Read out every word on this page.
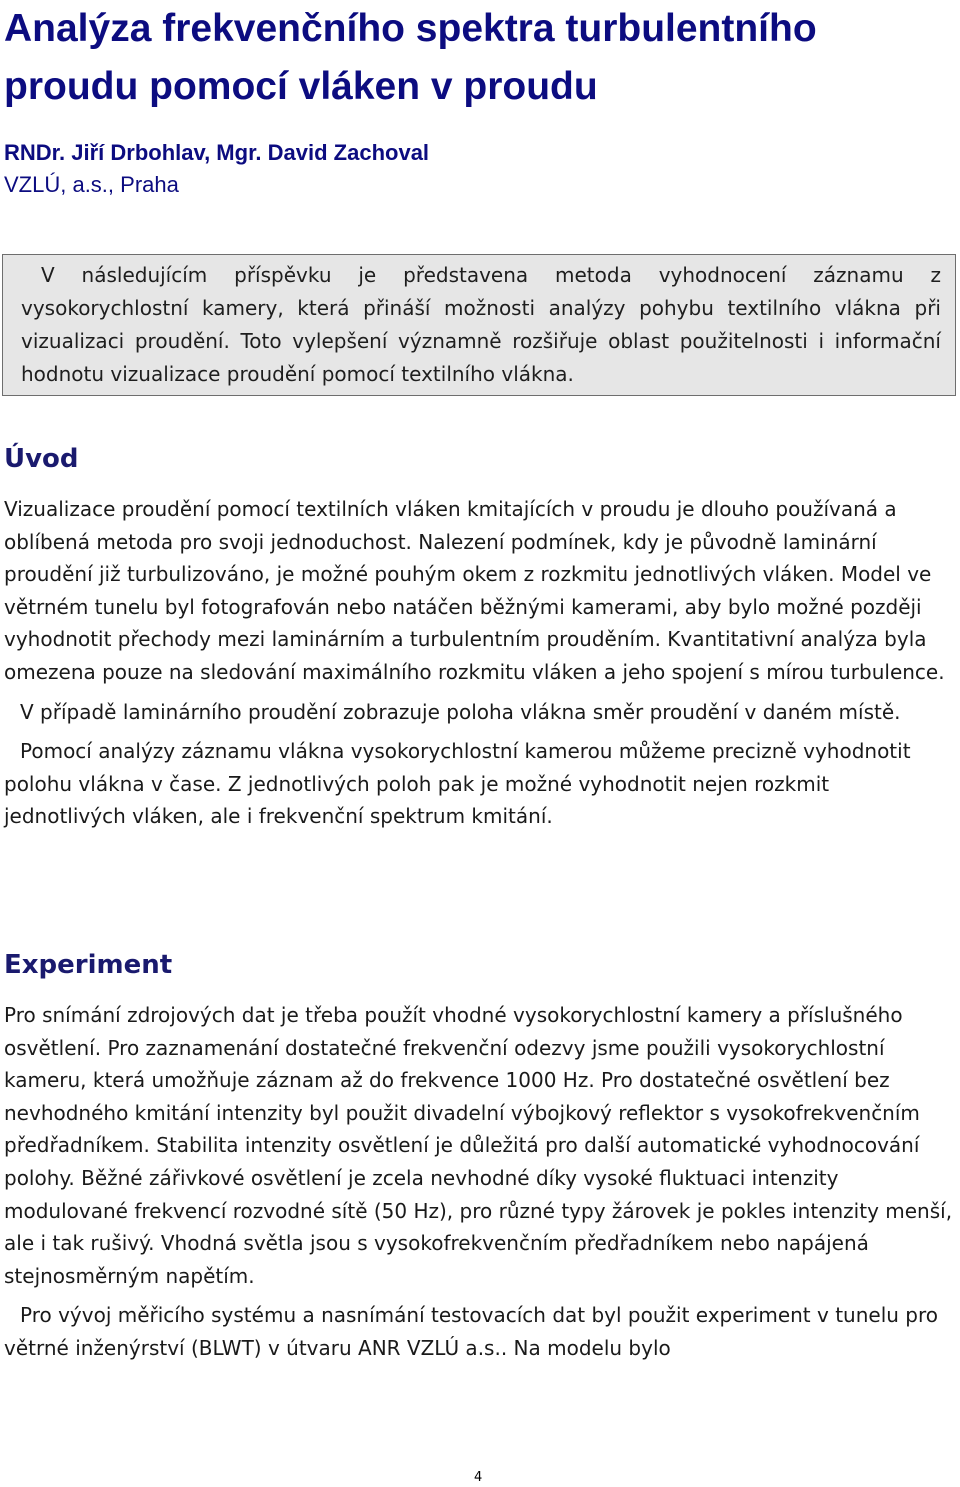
Analýza frekvenčního spektra turbulentního proudu pomocí vláken v proudu
RNDr. Jiří Drbohlav, Mgr. David Zachoval
VZLÚ, a.s., Praha

V následujícím příspěvku je představena metoda vyhodnocení záznamu z vysokorychlostní kamery, která přináší možnosti analýzy pohybu textilního vlákna při vizualizaci proudění. Toto vylepšení významně rozšiřuje oblast použitelnosti i informační hodnotu vizualizace proudění pomocí textilního vlákna.

Úvod

Vizualizace proudění pomocí textilních vláken kmitajících v proudu je dlouho používaná a oblíbená metoda pro svoji jednoduchost. Nalezení podmínek, kdy je původně laminární proudění již turbulizováno, je možné pouhým okem z rozkmitu jednotlivých vláken. Model ve větrném tunelu byl fotografován nebo natáčen běžnými kamerami, aby bylo možné později vyhodnotit přechody mezi laminárním a turbulentním prouděním. Kvantitativní analýza byla omezena pouze na sledování maximálního rozkmitu vláken a jeho spojení s mírou turbulence.

V případě laminárního proudění zobrazuje poloha vlákna směr proudění v daném místě.

Pomocí analýzy záznamu vlákna vysokorychlostní kamerou můžeme precizně vyhodnotit polohu vlákna v čase. Z jednotlivých poloh pak je možné vyhodnotit nejen rozkmit jednotlivých vláken, ale i frekvenční spektrum kmitání.

Experiment

Pro snímání zdrojových dat je třeba použít vhodné vysokorychlostní kamery a příslušného osvětlení. Pro zaznamenání dostatečné frekvenční odezvy jsme použili vysokorychlostní kameru, která umožňuje záznam až do frekvence 1000 Hz. Pro dostatečné osvětlení bez nevhodného kmitání intenzity byl použit divadelní výbojkový reflektor s vysokofrekvenčním předřadníkem. Stabilita intenzity osvětlení je důležitá pro další automatické vyhodnocování polohy. Běžné zářivkové osvětlení je zcela nevhodné díky vysoké fluktuaci intenzity modulované frekvencí rozvodné sítě (50 Hz), pro různé typy žárovek je pokles intenzity menší, ale i tak rušivý. Vhodná světla jsou s vysokofrekvenčním předřadníkem nebo napájená stejnosměrným napětím.

Pro vývoj měřicího systému a nasnímání testovacích dat byl použit experiment v tunelu pro větrné inženýrství (BLWT) v útvaru ANR VZLÚ a.s.. Na modelu bylo

4
